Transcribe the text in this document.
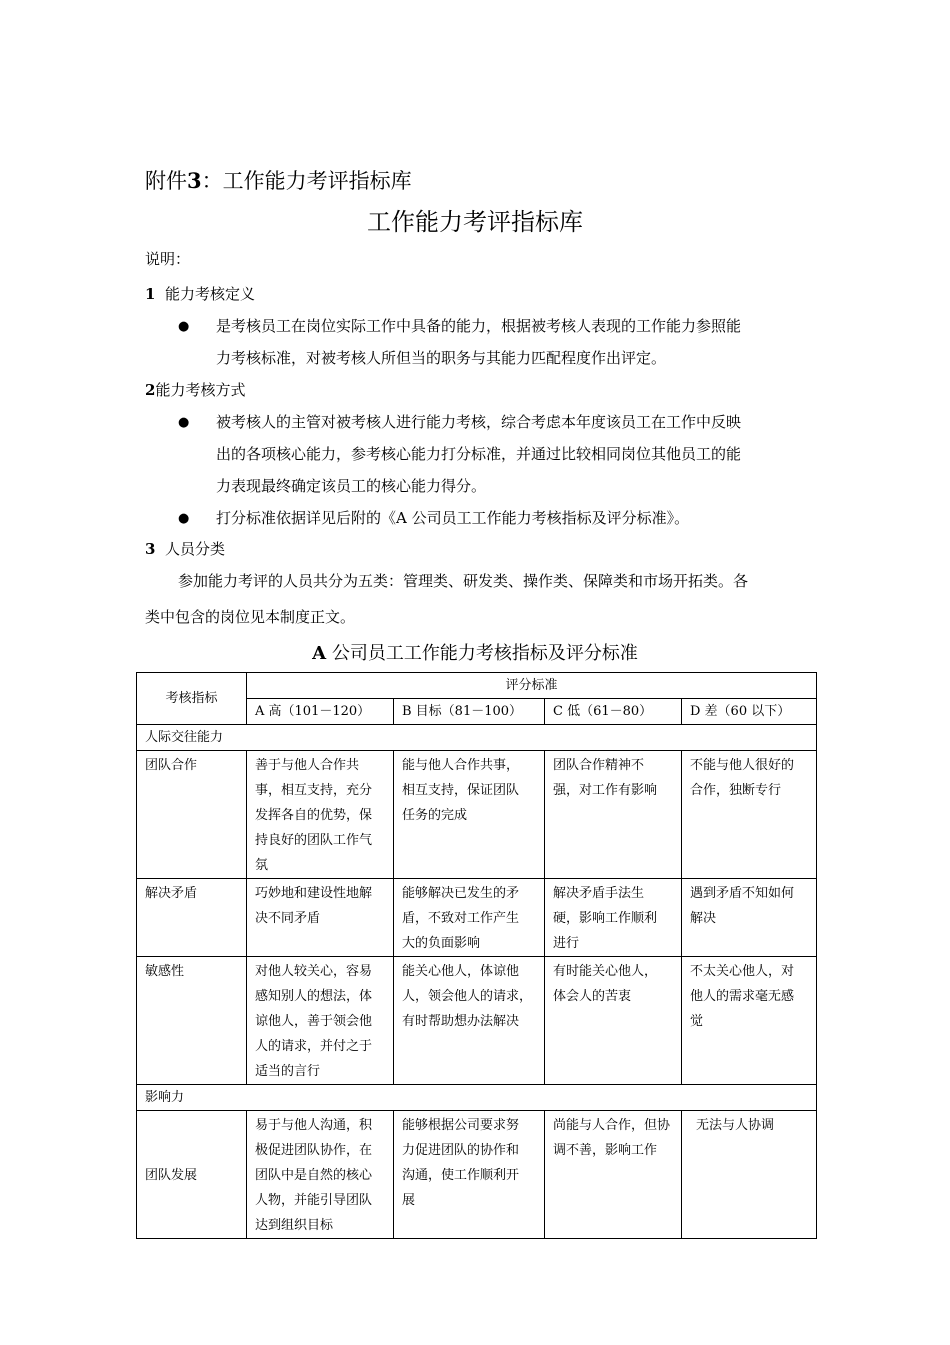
附件3：工作能力考评指标库
工作能力考评指标库
说明：
1 能力考核定义
● 是考核员工在岗位实际工作中具备的能力，根据被考核人表现的工作能力参照能
力考核标准，对被考核人所但当的职务与其能力匹配程度作出评定。
2能力考核方式
● 被考核人的主管对被考核人进行能力考核，综合考虑本年度该员工在工作中反映
出的各项核心能力，参考核心能力打分标准，并通过比较相同岗位其他员工的能
力表现最终确定该员工的核心能力得分。
● 打分标准依据详见后附的《A 公司员工工作能力考核指标及评分标准》。
3 人员分类
参加能力考评的人员共分为五类：管理类、研发类、操作类、保障类和市场开拓类。各
类中包含的岗位见本制度正文。
A 公司员工工作能力考核指标及评分标准
考核指标	评分标准			
	A 高（101－120）	B 目标（81－100）	C 低（61－80）	D 差（60 以下）
人际交往能力				
团队合作	善于与他人合作共
事，相互支持，充分
发挥各自的优势，保
持良好的团队工作气
氛	能与他人合作共事，
相互支持，保证团队
任务的完成	团队合作精神不
强，对工作有影响	不能与他人很好的
合作，独断专行

解决矛盾	巧妙地和建设性地解
决不同矛盾	能够解决已发生的矛
盾，不致对工作产生
大的负面影响	解决矛盾手法生
硬，影响工作顺利
进行	遇到矛盾不知如何
解决

敏感性	对他人较关心，容易
感知别人的想法，体
谅他人，善于领会他
人的请求，并付之于
适当的言行	能关心他人，体谅他
人，领会他人的请求，
有时帮助想办法解决	有时能关心他人，
体会人的苦衷	不太关心他人，对
他人的需求毫无感
觉

影响力				
团队发展	易于与他人沟通，积
极促进团队协作，在
团队中是自然的核心
人物，并能引导团队
达到组织目标	能够根据公司要求努
力促进团队的协作和
沟通，使工作顺利开
展	尚能与人合作，但协
调不善，影响工作	无法与人协调
